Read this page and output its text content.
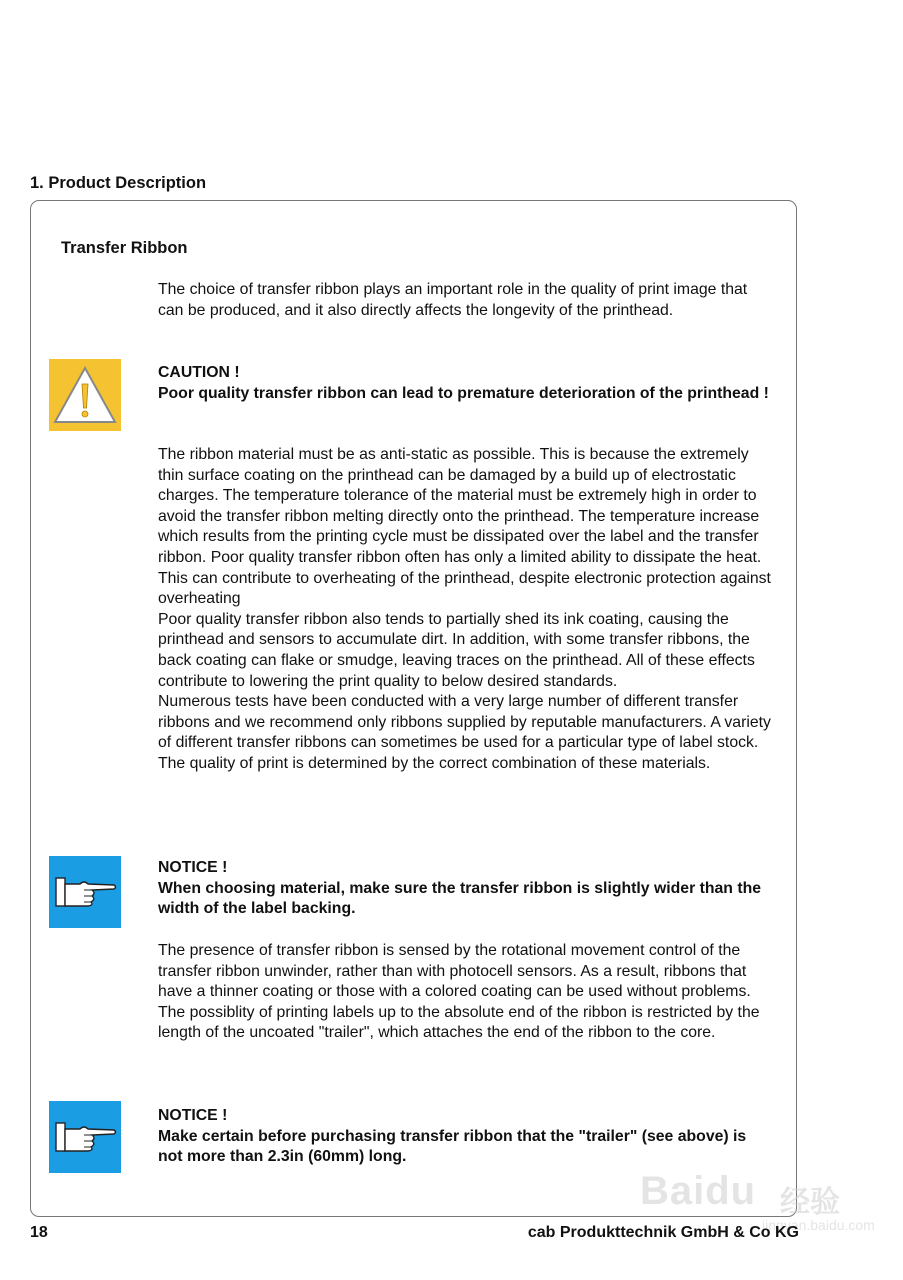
1. Product Description
Transfer Ribbon

The choice of transfer ribbon plays an important role in the quality of print image that can be produced, and it also directly affects the longevity of the printhead.

CAUTION !

Poor quality transfer ribbon can lead to premature deterioration of the printhead !

The ribbon material must be as anti-static as possible. This is because the extremely thin surface coating on the printhead can be damaged by a build up of electrostatic charges. The temperature tolerance of the material must be extremely high in order to avoid the transfer ribbon melting directly onto the printhead. The temperature increase which results from the printing cycle must be dissipated over the label and the transfer ribbon. Poor quality transfer ribbon often has only a limited ability to dissipate the heat. This can contribute to overheating of the printhead, despite electronic protection against overheating

Poor quality transfer ribbon also tends to partially shed its ink coating, causing the printhead and sensors to accumulate dirt. In addition, with some transfer ribbons, the back coating can flake or smudge, leaving traces on the printhead. All of these effects contribute to lowering the print quality to below desired standards.

Numerous tests have been conducted with a very large number of different transfer ribbons and we recommend only ribbons supplied by reputable manufacturers. A variety of different transfer ribbons can sometimes be used for a particular type of label stock. The quality of print is determined by the correct combination of these materials.

NOTICE !

When choosing material, make sure the transfer ribbon is slightly wider than the width of the label backing.

The presence of transfer ribbon is sensed by the rotational movement control of the transfer ribbon unwinder, rather than with photocell sensors. As a result, ribbons that have a thinner coating or those with a colored coating can be used without problems.

The possiblity of printing labels up to the absolute end of the ribbon is restricted by the length of the uncoated "trailer", which attaches the end of the ribbon to the core.

NOTICE !

Make certain before purchasing transfer ribbon that the "trailer" (see above) is not more than 2.3in (60mm) long.

Baidu 经验
jingyan.baidu.com
18	cab Produkttechnik GmbH & Co KG
